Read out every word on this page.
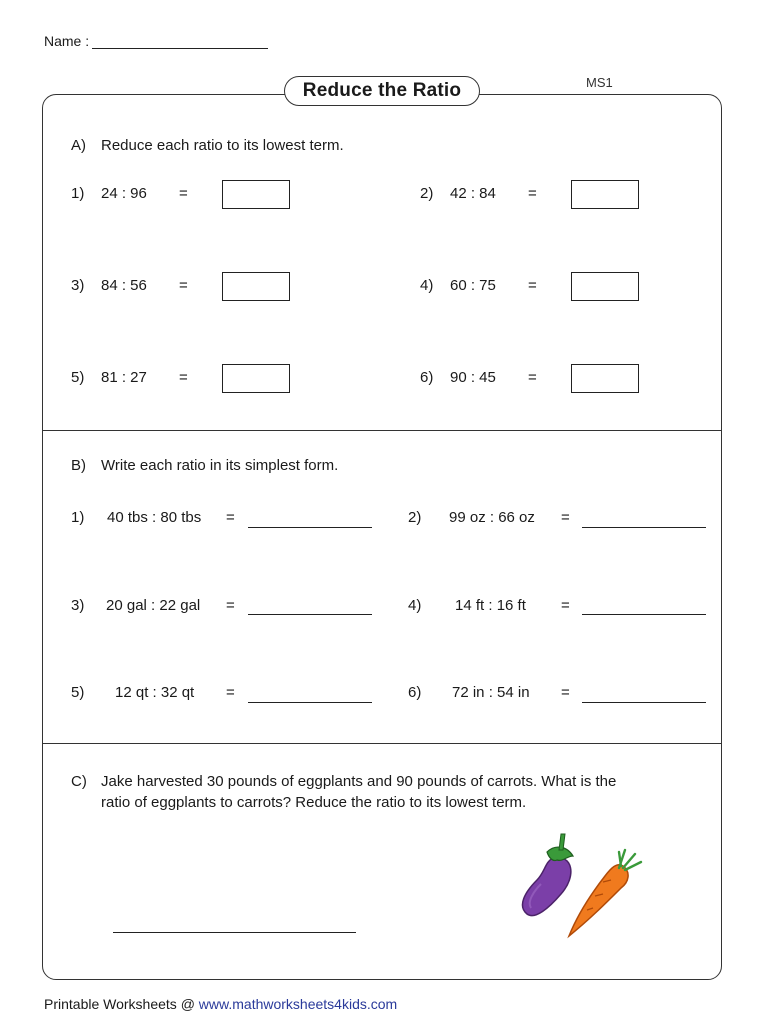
Name :
MS1
Reduce the Ratio
A) Reduce each ratio to its lowest term.
1) 24 : 96 =	2) 42 : 84 =
3) 84 : 56 =	4) 60 : 75 =
5) 81 : 27 =	6) 90 : 45 =
B) Write each ratio in its simplest form.
1) 40 tbs : 80 tbs =	2) 99 oz : 66 oz =
3) 20 gal : 22 gal =	4) 14 ft : 16 ft =
5) 12 qt : 32 qt =	6) 72 in : 54 in =
C) Jake harvested 30 pounds of eggplants and 90 pounds of carrots. What is the
ratio of eggplants to carrots? Reduce the ratio to its lowest term.
Printable Worksheets @ www.mathworksheets4kids.com
